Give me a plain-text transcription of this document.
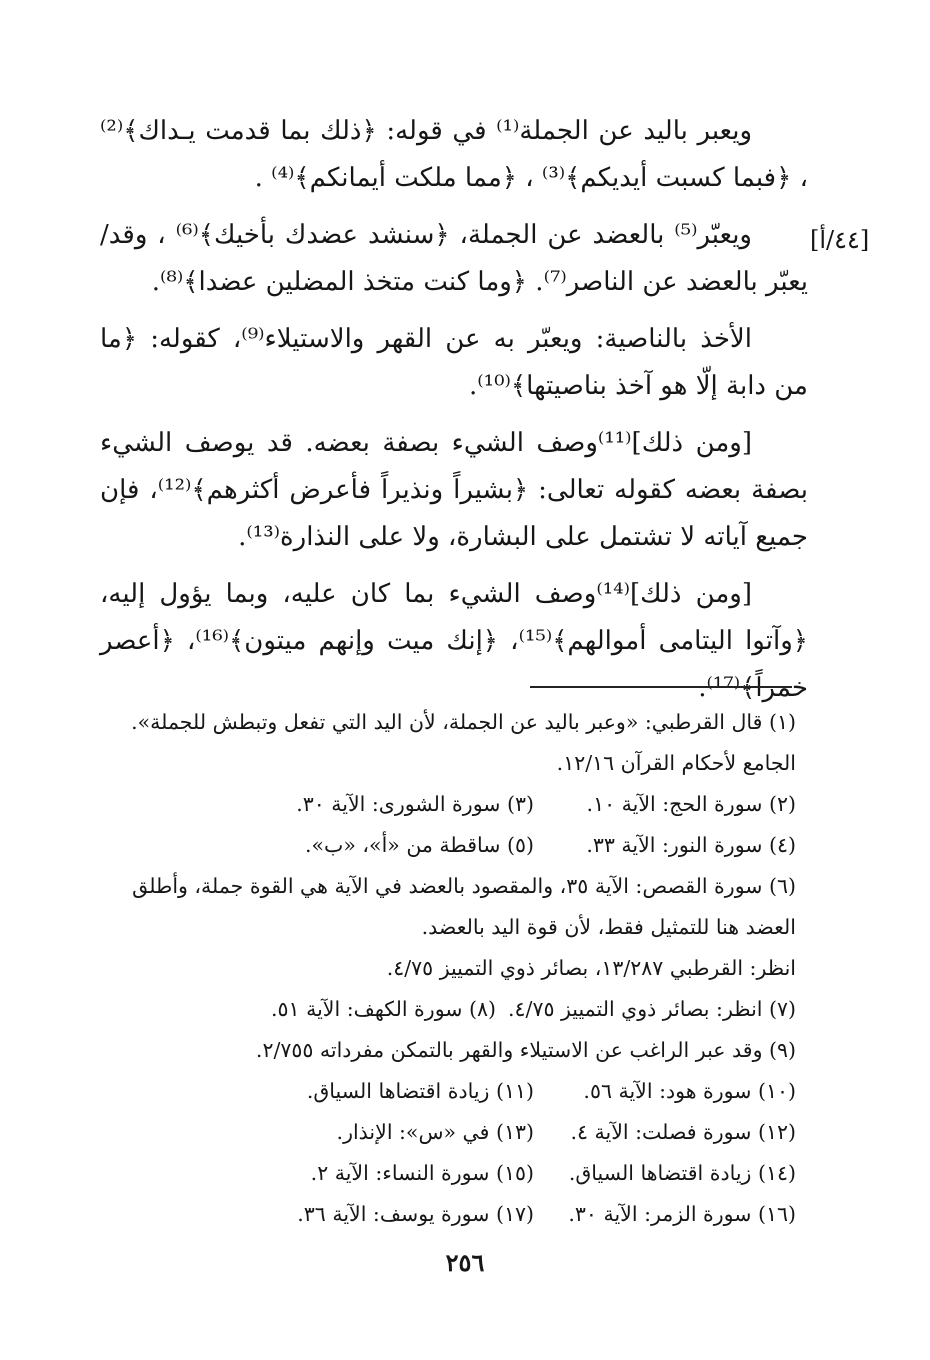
[٤٤/أ]

ويعبر باليد عن الجملة⁽¹⁾ في قوله: ﴿ذلك بما قدمت يـداك﴾⁽²⁾ ، ﴿فبما كسبت أيديكم﴾⁽³⁾ ، ﴿مما ملكت أيمانكم﴾⁽⁴⁾ .

ويعبّر⁽⁵⁾ بالعضد عن الجملة، ﴿سنشد عضدك بأخيك﴾⁽⁶⁾ ، وقد/ يعبّر بالعضد عن الناصر⁽⁷⁾. ﴿وما كنت متخذ المضلين عضدا﴾⁽⁸⁾.

الأخذ بالناصية: ويعبّر به عن القهر والاستيلاء⁽⁹⁾، كقوله: ﴿ما من دابة إلّا هو آخذ بناصيتها﴾⁽¹⁰⁾.

[ومن ذلك]⁽¹¹⁾وصف الشيء بصفة بعضه. قد يوصف الشيء بصفة بعضه كقوله تعالى: ﴿بشيراً ونذيراً فأعرض أكثرهم﴾⁽¹²⁾، فإن جميع آياته لا تشتمل على البشارة، ولا على النذارة⁽¹³⁾.

[ومن ذلك]⁽¹⁴⁾وصف الشيء بما كان عليه، وبما يؤول إليه، ﴿وآتوا اليتامى أموالهم﴾⁽¹⁵⁾، ﴿إنك ميت وإنهم ميتون﴾⁽¹⁶⁾، ﴿أعصر خمراً﴾⁽¹⁷⁾.

(١) قال القرطبي: «وعبر باليد عن الجملة، لأن اليد التي تفعل وتبطش للجملة».

الجامع لأحكام القرآن ١٢/١٦.

(٢) سورة الحج: الآية ١٠.
(٣) سورة الشورى: الآية ٣٠.
(٤) سورة النور: الآية ٣٣.
(٥) ساقطة من «أ»، «ب».

(٦) سورة القصص: الآية ٣٥، والمقصود بالعضد في الآية هي القوة جملة، وأطلق العضد هنا للتمثيل فقط، لأن قوة اليد بالعضد.

انظر: القرطبي ١٣/٢٨٧، بصائر ذوي التمييز ٤/٧٥.

(٧) انظر: بصائر ذوي التمييز ٤/٧٥.
(٨) سورة الكهف: الآية ٥١.

(٩) وقد عبر الراغب عن الاستيلاء والقهر بالتمكن مفرداته ٢/٧٥٥.

(١٠) سورة هود: الآية ٥٦.
(١١) زيادة اقتضاها السياق.
(١٢) سورة فصلت: الآية ٤.
(١٣) في «س»: الإنذار.
(١٤) زيادة اقتضاها السياق.
(١٥) سورة النساء: الآية ٢.
(١٦) سورة الزمر: الآية ٣٠.
(١٧) سورة يوسف: الآية ٣٦.
٢٥٦
